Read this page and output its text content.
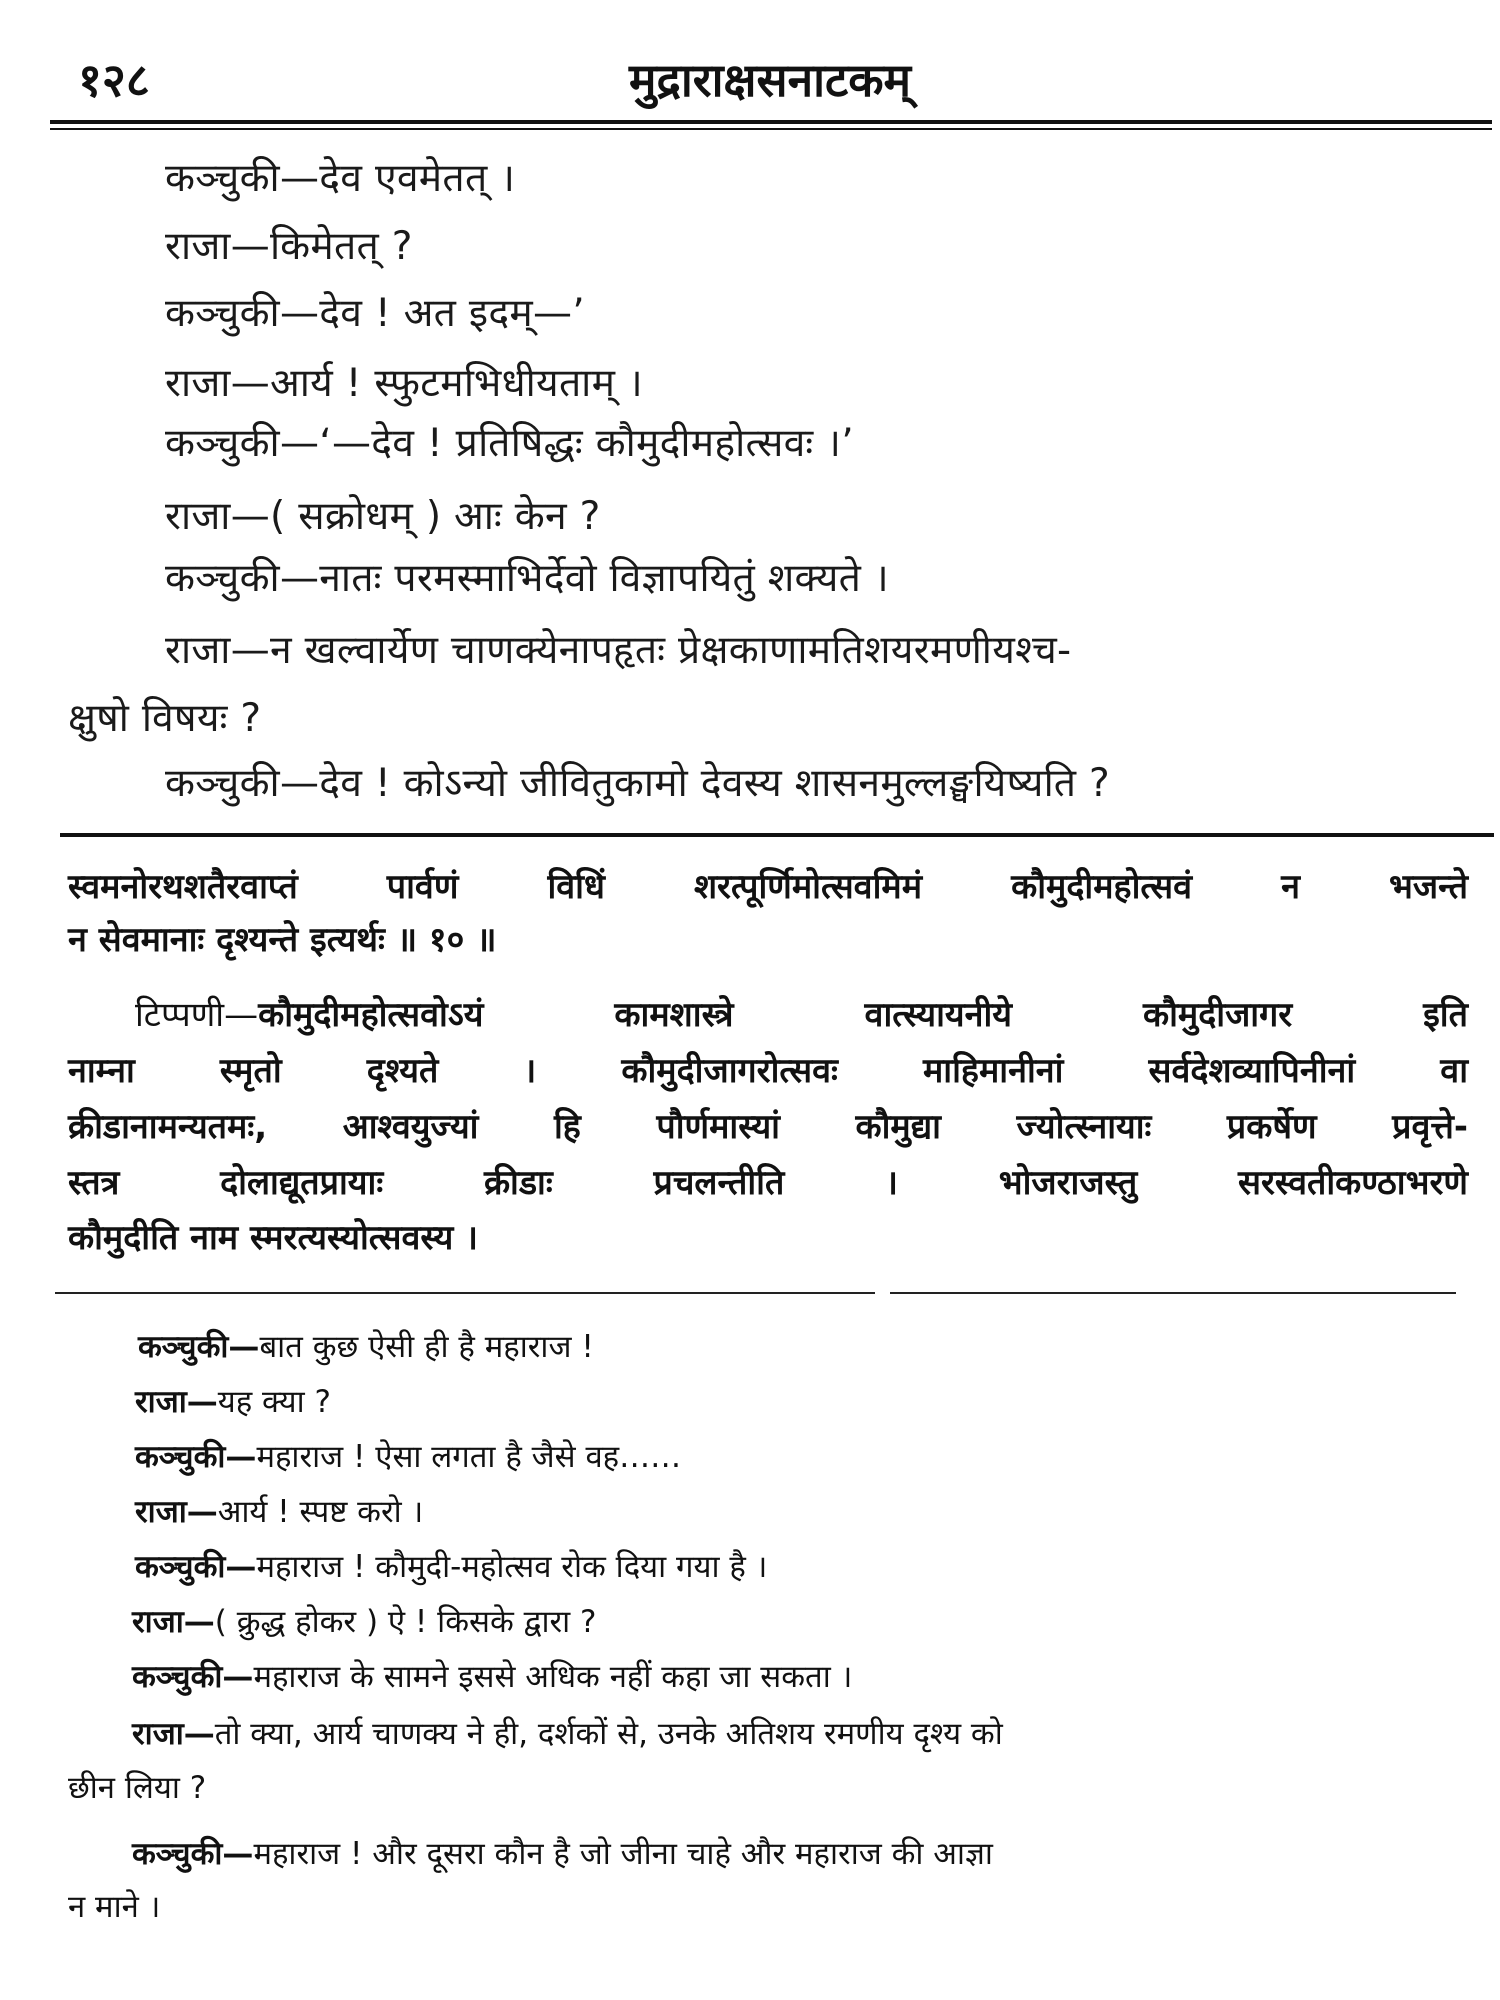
१२८	मुद्राराक्षसनाटकम्
कञ्चुकी—देव एवमेतत् ।
राजा—किमेतत् ?
कञ्चुकी—देव ! अत इदम्—’
राजा—आर्य ! स्फुटमभिधीयताम् ।
कञ्चुकी—‘—देव ! प्रतिषिद्धः कौमुदीमहोत्सवः ।’
राजा—( सक्रोधम् ) आः केन ?
कञ्चुकी—नातः परमस्माभिर्देवो विज्ञापयितुं शक्यते ।
राजा—न खल्वार्येण चाणक्येनापहृतः प्रेक्षकाणामतिशयरमणीयश्च-
क्षुषो विषयः ?
कञ्चुकी—देव ! कोऽन्यो जीवितुकामो देवस्य शासनमुल्लङ्घयिष्यति ?
स्वमनोरथशतैरवाप्तं पार्वणं विधिं शरत्पूर्णिमोत्सवमिमं कौमुदीमहोत्सवं न भजन्ते
न सेवमानाः दृश्यन्ते इत्यर्थः ॥ १० ॥
टिप्पणी—कौमुदीमहोत्सवोऽयं कामशास्त्रे वात्स्यायनीये कौमुदीजागर इति
नाम्ना स्मृतो दृश्यते । कौमुदीजागरोत्सवः माहिमानीनां सर्वदेशव्यापिनीनां वा
क्रीडानामन्यतमः, आश्वयुज्यां हि पौर्णमास्यां कौमुद्या ज्योत्स्नायाः प्रकर्षेण प्रवृत्ते-
स्तत्र दोलाद्यूतप्रायाः क्रीडाः प्रचलन्तीति । भोजराजस्तु सरस्वतीकण्ठाभरणे
कौमुदीति नाम स्मरत्यस्योत्सवस्य ।
कञ्चुकी—बात कुछ ऐसी ही है महाराज !
राजा—यह क्या ?
कञ्चुकी—महाराज ! ऐसा लगता है जैसे वह……
राजा—आर्य ! स्पष्ट करो ।
कञ्चुकी—महाराज ! कौमुदी-महोत्सव रोक दिया गया है ।
राजा—( क्रुद्ध होकर ) ऐ ! किसके द्वारा ?
कञ्चुकी—महाराज के सामने इससे अधिक नहीं कहा जा सकता ।
राजा—तो क्या, आर्य चाणक्य ने ही, दर्शकों से, उनके अतिशय रमणीय दृश्य को
छीन लिया ?
कञ्चुकी—महाराज ! और दूसरा कौन है जो जीना चाहे और महाराज की आज्ञा
न माने ।
